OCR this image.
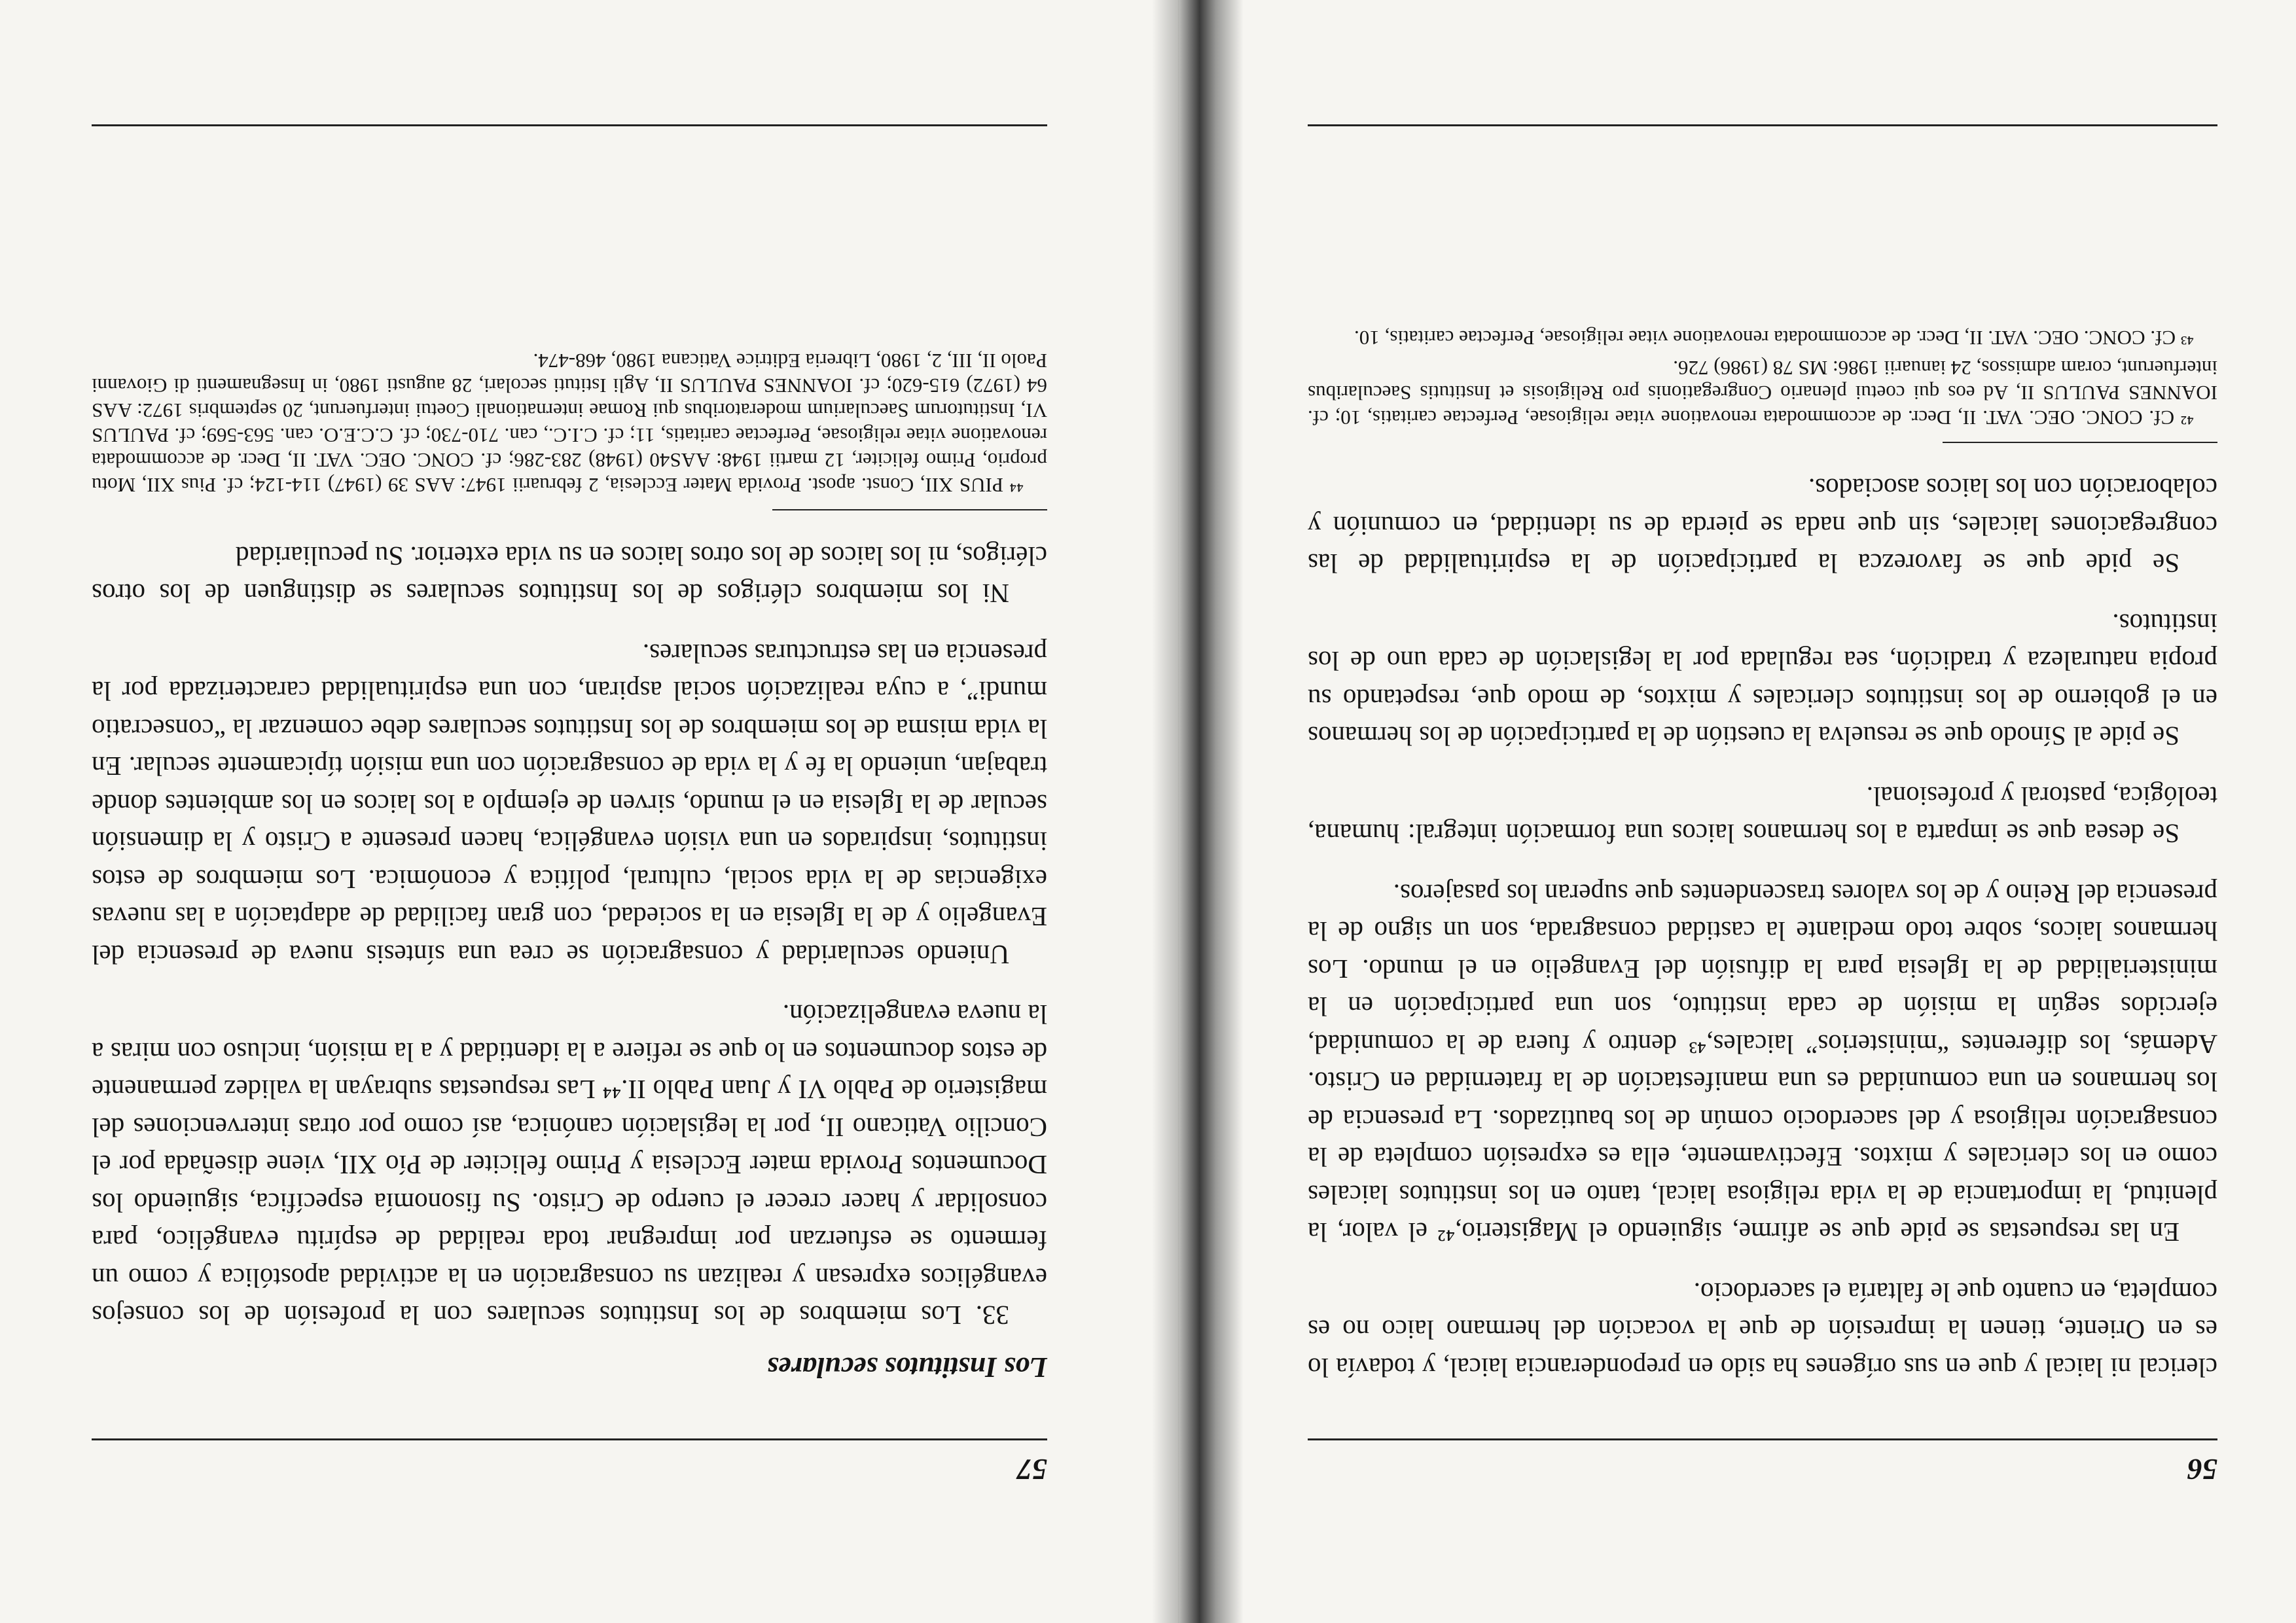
57
Los Institutos seculares

33. Los miembros de los Institutos seculares con la profesión de los consejos evangélicos expresan y realizan su consagración en la actividad apostólica y como un fermento se esfuerzan por impregnar toda realidad de espíritu evangélico, para consolidar y hacer crecer el cuerpo de Cristo. Su fisonomía específica, siguiendo los Documentos Provida mater Ecclesia y Primo feliciter de Pío XII, viene diseñada por el Concilio Vaticano II, por la legislación canónica, así como por otras intervenciones del magisterio de Pablo VI y Juan Pablo II.⁴⁴ Las respuestas subrayan la validez permanente de estos documentos en lo que se refiere a la identidad y a la misión, incluso con miras a la nueva evangelización.

Uniendo secularidad y consagración se crea una síntesis nueva de presencia del Evangelio y de la Iglesia en la sociedad, con gran facilidad de adaptación a las nuevas exigencias de la vida social, cultural, política y económica. Los miembros de estos institutos, inspirados en una visión evangélica, hacen presente a Cristo y la dimensión secular de la Iglesia en el mundo, sirven de ejemplo a los laicos en los ambientes donde trabajan, uniendo la fe y la vida de consagración con una misión típicamente secular. En la vida misma de los miembros de los Institutos seculares debe comenzar la “consecratio mundi”, a cuya realización social aspiran, con una espiritualidad caracterizada por la presencia en las estructuras seculares.

Ni los miembros clérigos de los Institutos seculares se distinguen de los otros clérigos, ni los laicos de los otros laicos en su vida exterior. Su peculiaridad

⁴⁴ PIUS XII, Const. apost. Provida Mater Ecclesia, 2 februarii 1947: AAS 39 (1947) 114-124; cf. Pius XII, Motu proprio, Primo feliciter, 12 martii 1948: AAS40 (1948) 283-286; cf. CONC. OEC. VAT. II, Decr. de accommodata renovatione vitae religiosae, Perfectae caritatis, 11; cf. C.I.C., can. 710-730; cf. C.C.E.O. can. 563-569; cf. PAULUS VI, Institutorum Saecularium moderatoribus qui Romae internationali Coetui interfuerunt, 20 septembris 1972: AAS 64 (1972) 615-620; cf. IOANNES PAULUS II, Agli Istituti secolari, 28 augusti 1980, in Insegnamenti di Giovanni Paolo II, III, 2, 1980, Libreria Editrice Vaticana 1980, 468-474.

56

clerical ni laical y que en sus orígenes ha sido en preponderancia laical, y todavía lo es en Oriente, tienen la impresión de que la vocación del hermano laico no es completa, en cuanto que le faltaría el sacerdocio.

En las respuestas se pide que se afirme, siguiendo el Magisterio,⁴² el valor, la plenitud, la importancia de la vida religiosa laical, tanto en los institutos laicales como en los clericales y mixtos. Efectivamente, ella es expresión completa de la consagración religiosa y del sacerdocio común de los bautizados. La presencia de los hermanos en una comunidad es una manifestación de la fraternidad en Cristo. Además, los diferentes “ministerios” laicales,⁴³ dentro y fuera de la comunidad, ejercidos según la misión de cada instituto, son una participación en la ministerialidad de la Iglesia para la difusión del Evangelio en el mundo. Los hermanos laicos, sobre todo mediante la castidad consagrada, son un signo de la presencia del Reino y de los valores trascendentes que superan los pasajeros.

Se desea que se imparta a los hermanos laicos una formación integral: humana, teológica, pastoral y profesional.

Se pide al Sínodo que se resuelva la cuestión de la participación de los hermanos en el gobierno de los institutos clericales y mixtos, de modo que, respetando su propia naturaleza y tradición, sea regulada por la legislación de cada uno de los institutos.

Se pide que se favorezca la participación de la espiritualidad de las congregaciones laicales, sin que nada se pierda de su identidad, en comunión y colaboración con los laicos asociados.

⁴² Cf. CONC. OEC. VAT. II, Decr. de accommodata renovatione vitae religiosae, Perfectae caritatis, 10; cf. IOANNES PAULUS II, Ad eos qui coetui plenario Congregationis pro Religiosis et Institutis Saecularibus interfuerunt, coram admissos, 24 ianuarii 1986: MS 78 (1986) 726.

⁴³ Cf. CONC. OEC. VAT. II, Decr. de accommodata renovatione vitae religiosae, Perfectae caritatis, 10.
